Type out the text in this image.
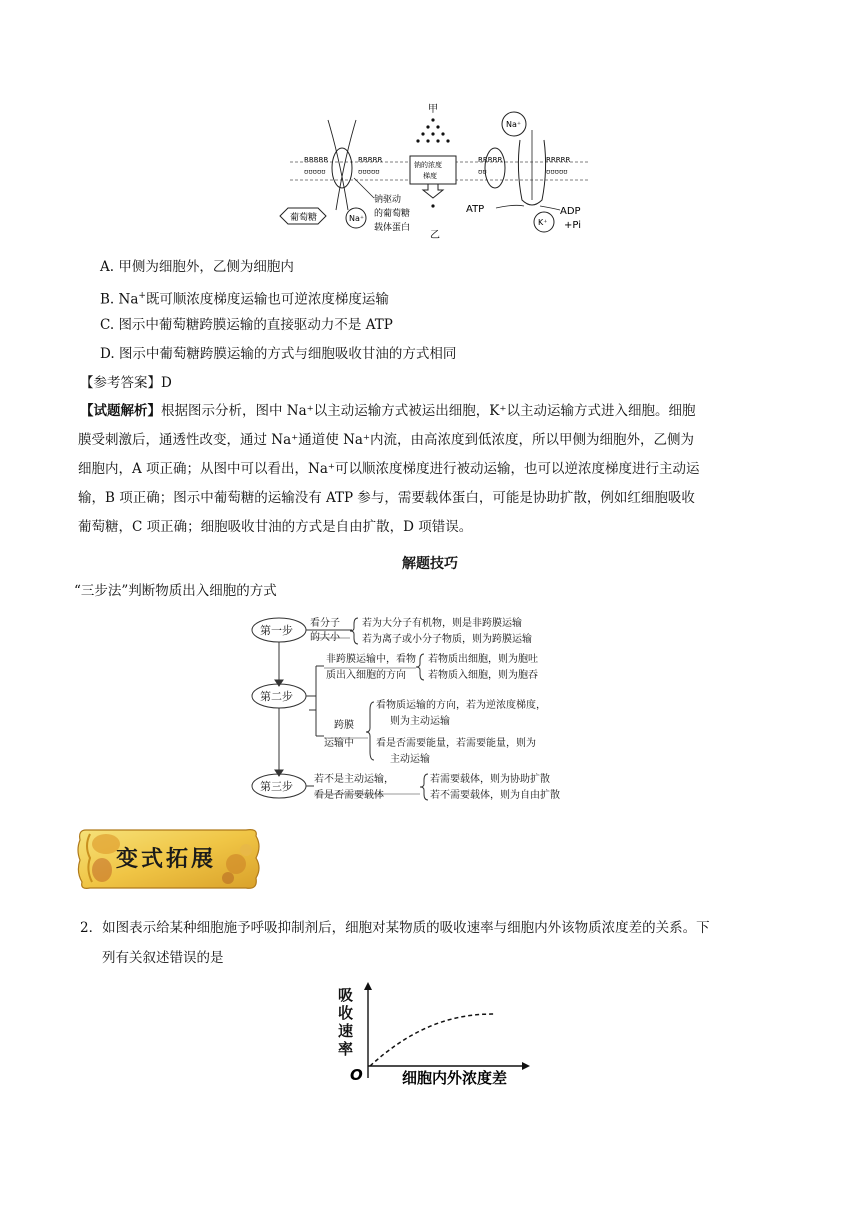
RRRRR
ʊʊʊʊʊ
RRRRR
ʊʊʊʊʊ
RRRRR
ʊʊ
RRRRR
ʊʊʊʊʊ
葡萄糖	Na⁺
钠驱动
的葡萄糖
载体蛋白
甲
钠的浓度
梯度
乙
Na⁺
K⁺
ATP	ADP
+Pi
A. 甲侧为细胞外，乙侧为细胞内
B. Na+既可顺浓度梯度运输也可逆浓度梯度运输
C. 图示中葡萄糖跨膜运输的直接驱动力不是 ATP
D. 图示中葡萄糖跨膜运输的方式与细胞吸收甘油的方式相同
【参考答案】D
【试题解析】根据图示分析，图中 Na⁺以主动运输方式被运出细胞，K⁺以主动运输方式进入细胞。细胞
膜受刺激后，通透性改变，通过 Na⁺通道使 Na⁺内流，由高浓度到低浓度，所以甲侧为细胞外，乙侧为
细胞内，A 项正确；从图中可以看出，Na⁺可以顺浓度梯度进行被动运输，也可以逆浓度梯度进行主动运
输，B 项正确；图示中葡萄糖的运输没有 ATP 参与，需要载体蛋白，可能是协助扩散，例如红细胞吸收
葡萄糖，C 项正确；细胞吸收甘油的方式是自由扩散，D 项错误。
解题技巧
“三步法”判断物质出入细胞的方式
第一步
第二步
第三步
看分子
的大小
若为大分子有机物，则是非跨膜运输
若为离子或小分子物质，则为跨膜运输
非跨膜运输中，看物
质出入细胞的方向
若物质出细胞，则为胞吐
若物质入细胞，则为胞吞
跨膜
运输中
看物质运输的方向，若为逆浓度梯度，
则为主动运输
看是否需要能量，若需要能量，则为
主动运输
若不是主动运输，
看是否需要载体
若需要载体，则为协助扩散
若不需要载体，则为自由扩散
变式拓展
2．如图表示给某种细胞施予呼吸抑制剂后，细胞对某物质的吸收速率与细胞内外该物质浓度差的关系。下
列有关叙述错误的是
吸
收
速
率
O	细胞内外浓度差
